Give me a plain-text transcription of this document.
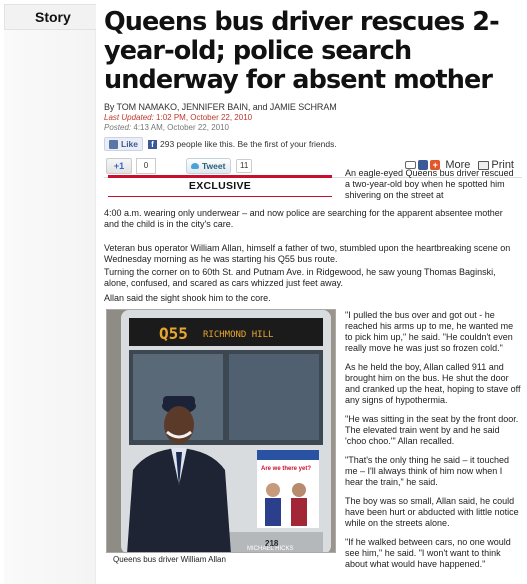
Story Queens bus driver rescues 2-year-old; police search underway for absent mother
By TOM NAMAKO, JENNIFER BAIN, and JAMIE SCHRAM
Last Updated: 1:02 PM, October 22, 2010
Posted: 4:13 AM, October 22, 2010
Like	f 293 people like this. Be the first of your friends.
+1	0	Tweet	11	+ More Print
EXCLUSIVE

An eagle-eyed Queens bus driver rescued a two-year-old boy when he spotted him shivering on the street at

4:00 a.m. wearing only underwear – and now police are searching for the apparent absentee mother and the child is in the city's care.

Veteran bus operator William Allan, himself a father of two, stumbled upon the heartbreaking scene on Wednesday morning as he was starting his Q55 bus route.

Turning the corner on to 60th St. and Putnam Ave. in Ridgewood, he saw young Thomas Baginski, alone, confused, and scared as cars whizzed just feet away.

Allan said the sight shook him to the core.

Q55 RICHMOND HILL
Are we there yet?
218
MICHAEL HICKS
Queens bus driver William Allan

"I pulled the bus over and got out - he reached his arms up to me, he wanted me to pick him up," he said. "He couldn't even really move he was just so frozen cold."

As he held the boy, Allan called 911 and brought him on the bus. He shut the door and cranked up the heat, hoping to stave off any signs of hypothermia.

"He was sitting in the seat by the front door. The elevated train went by and he said 'choo choo.'" Allan recalled.

"That's the only thing he said – it touched me – I'll always think of him now when I hear the train," he said.

The boy was so small, Allan said, he could have been hurt or abducted with little notice while on the streets alone.

"If he walked between cars, no one would see him," he said. "I won't want to think about what would have happened."
